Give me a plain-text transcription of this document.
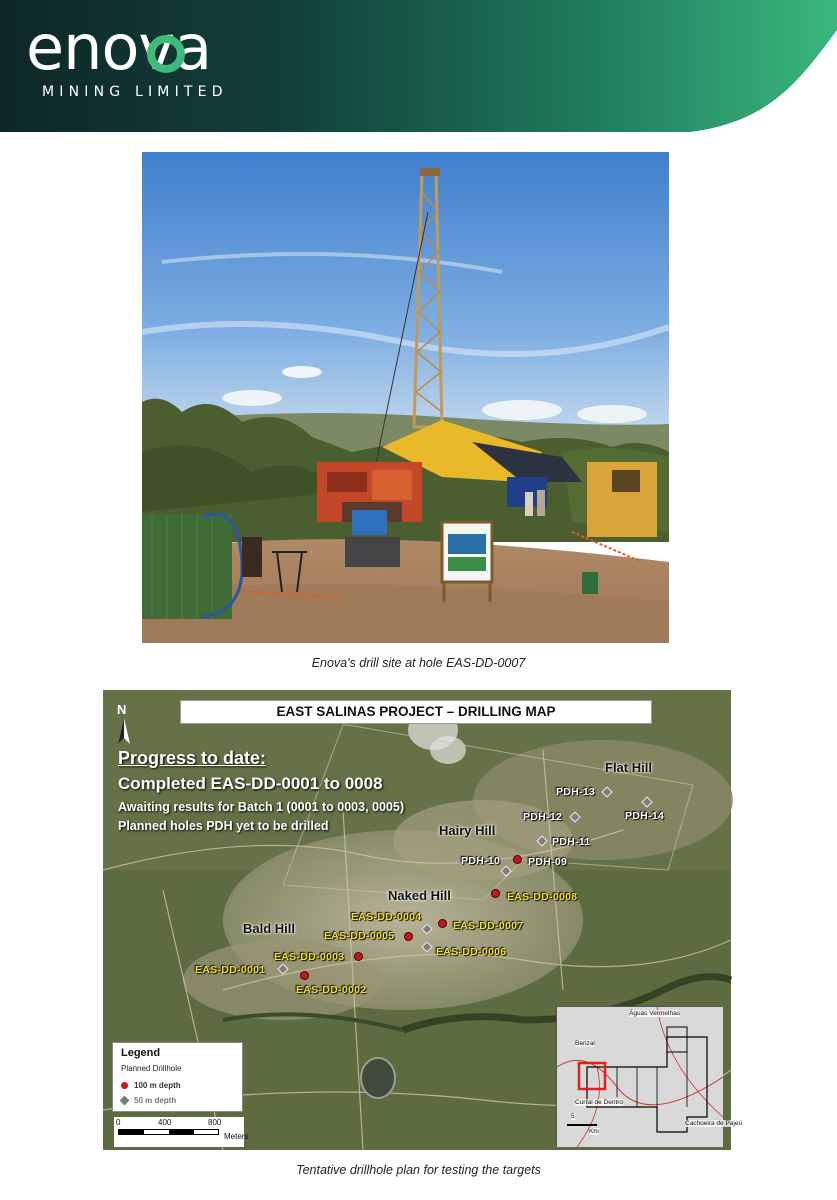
enova
MINING LIMITED
Enova's drill site at hole EAS-DD-0007
EAST SALINAS PROJECT – DRILLING MAP
N
Progress to date:
Completed EAS-DD-0001 to 0008
Awaiting results for Batch 1 (0001 to 0003, 0005)
Planned holes PDH yet to be drilled
Flat Hill
Hairy Hill
Naked Hill
Bald Hill
PDH-13
PDH-14
PDH-12
PDH-11
PDH-10	PDH-09
EAS-DD-0008
EAS-DD-0004
EAS-DD-0007
EAS-DD-0005
EAS-DD-0006
EAS-DD-0003
EAS-DD-0001
EAS-DD-0002
Legend
Planned Drillhole
100 m depth
50 m depth
0	400	800
Meters
Águas Vermelhas
Berizal
Curral de Dentro
Cachoeira de Pajeú
5
Km
Tentative drillhole plan for testing the targets
